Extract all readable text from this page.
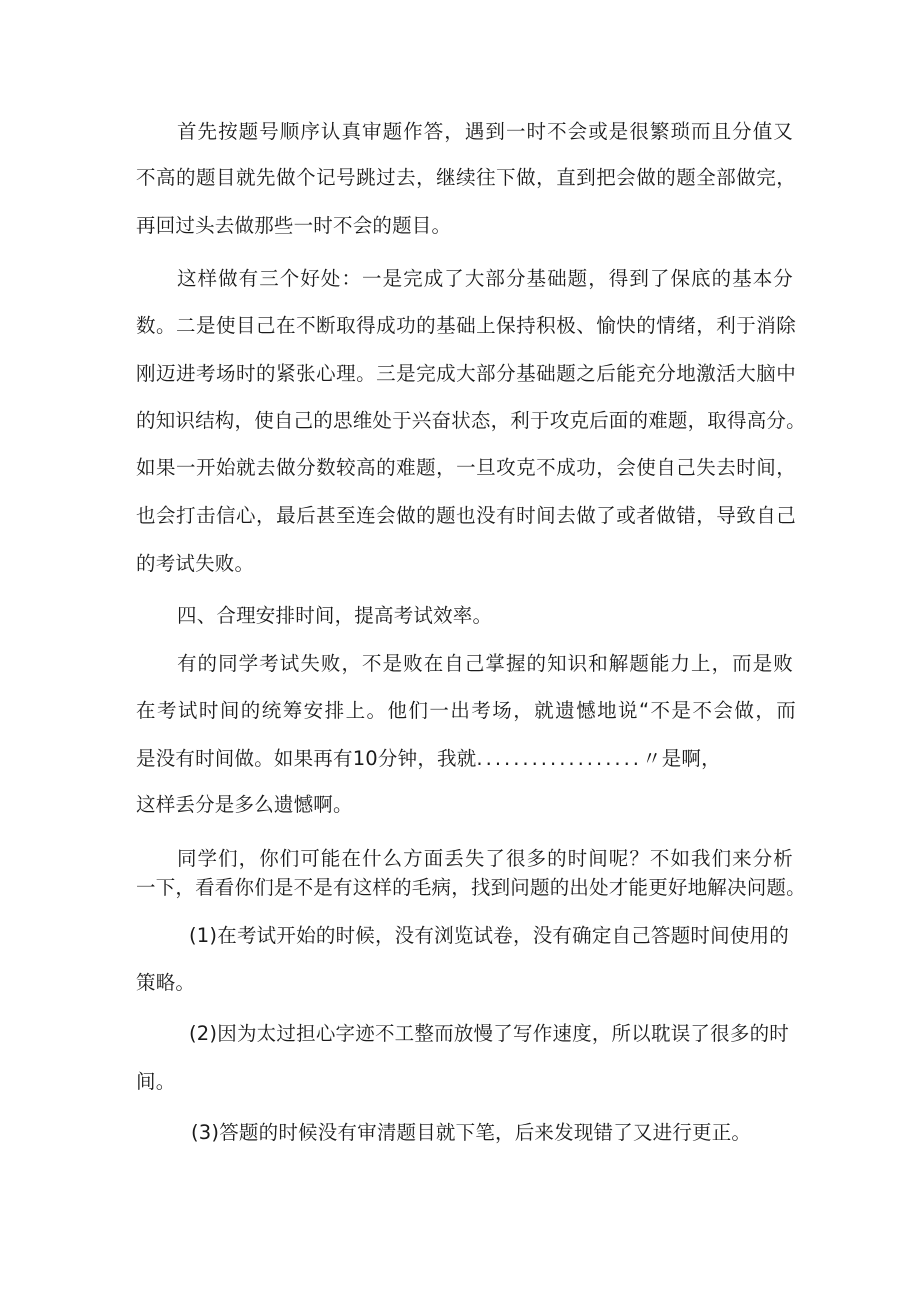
首先按题号顺序认真审题作答，遇到一时不会或是很繁琐而且分值又
不高的题目就先做个记号跳过去，继续往下做，直到把会做的题全部做完，
再回过头去做那些一时不会的题目。
这样做有三个好处：一是完成了大部分基础题，得到了保底的基本分
数。二是使目己在不断取得成功的基础上保持积极、愉快的情绪，利于消除
刚迈进考场时的紧张心理。三是完成大部分基础题之后能充分地激活大脑中
的知识结构，使自己的思维处于兴奋状态，利于攻克后面的难题，取得高分。
如果一开始就去做分数较高的难题，一旦攻克不成功，会使自己失去时间，
也会打击信心，最后甚至连会做的题也没有时间去做了或者做错，导致自己
的考试失败。
四、合理安排时间，提高考试效率。
有的同学考试失败，不是败在自己掌握的知识和解题能力上，而是败
在考试时间的统筹安排上。他们一出考场，就遗憾地说“不是不会做，而
是没有时间做。如果再有10分钟，我就..................〃是啊，
这样丢分是多么遗憾啊。
同学们，你们可能在什么方面丢失了很多的时间呢？不如我们来分析
一下，看看你们是不是有这样的毛病，找到问题的出处才能更好地解决问题。
(1)在考试开始的时候，没有浏览试卷，没有确定自己答题时间使用的
策略。
(2)因为太过担心字迹不工整而放慢了写作速度，所以耽误了很多的时
间。
(3)答题的时候没有审清题目就下笔，后来发现错了又进行更正。
